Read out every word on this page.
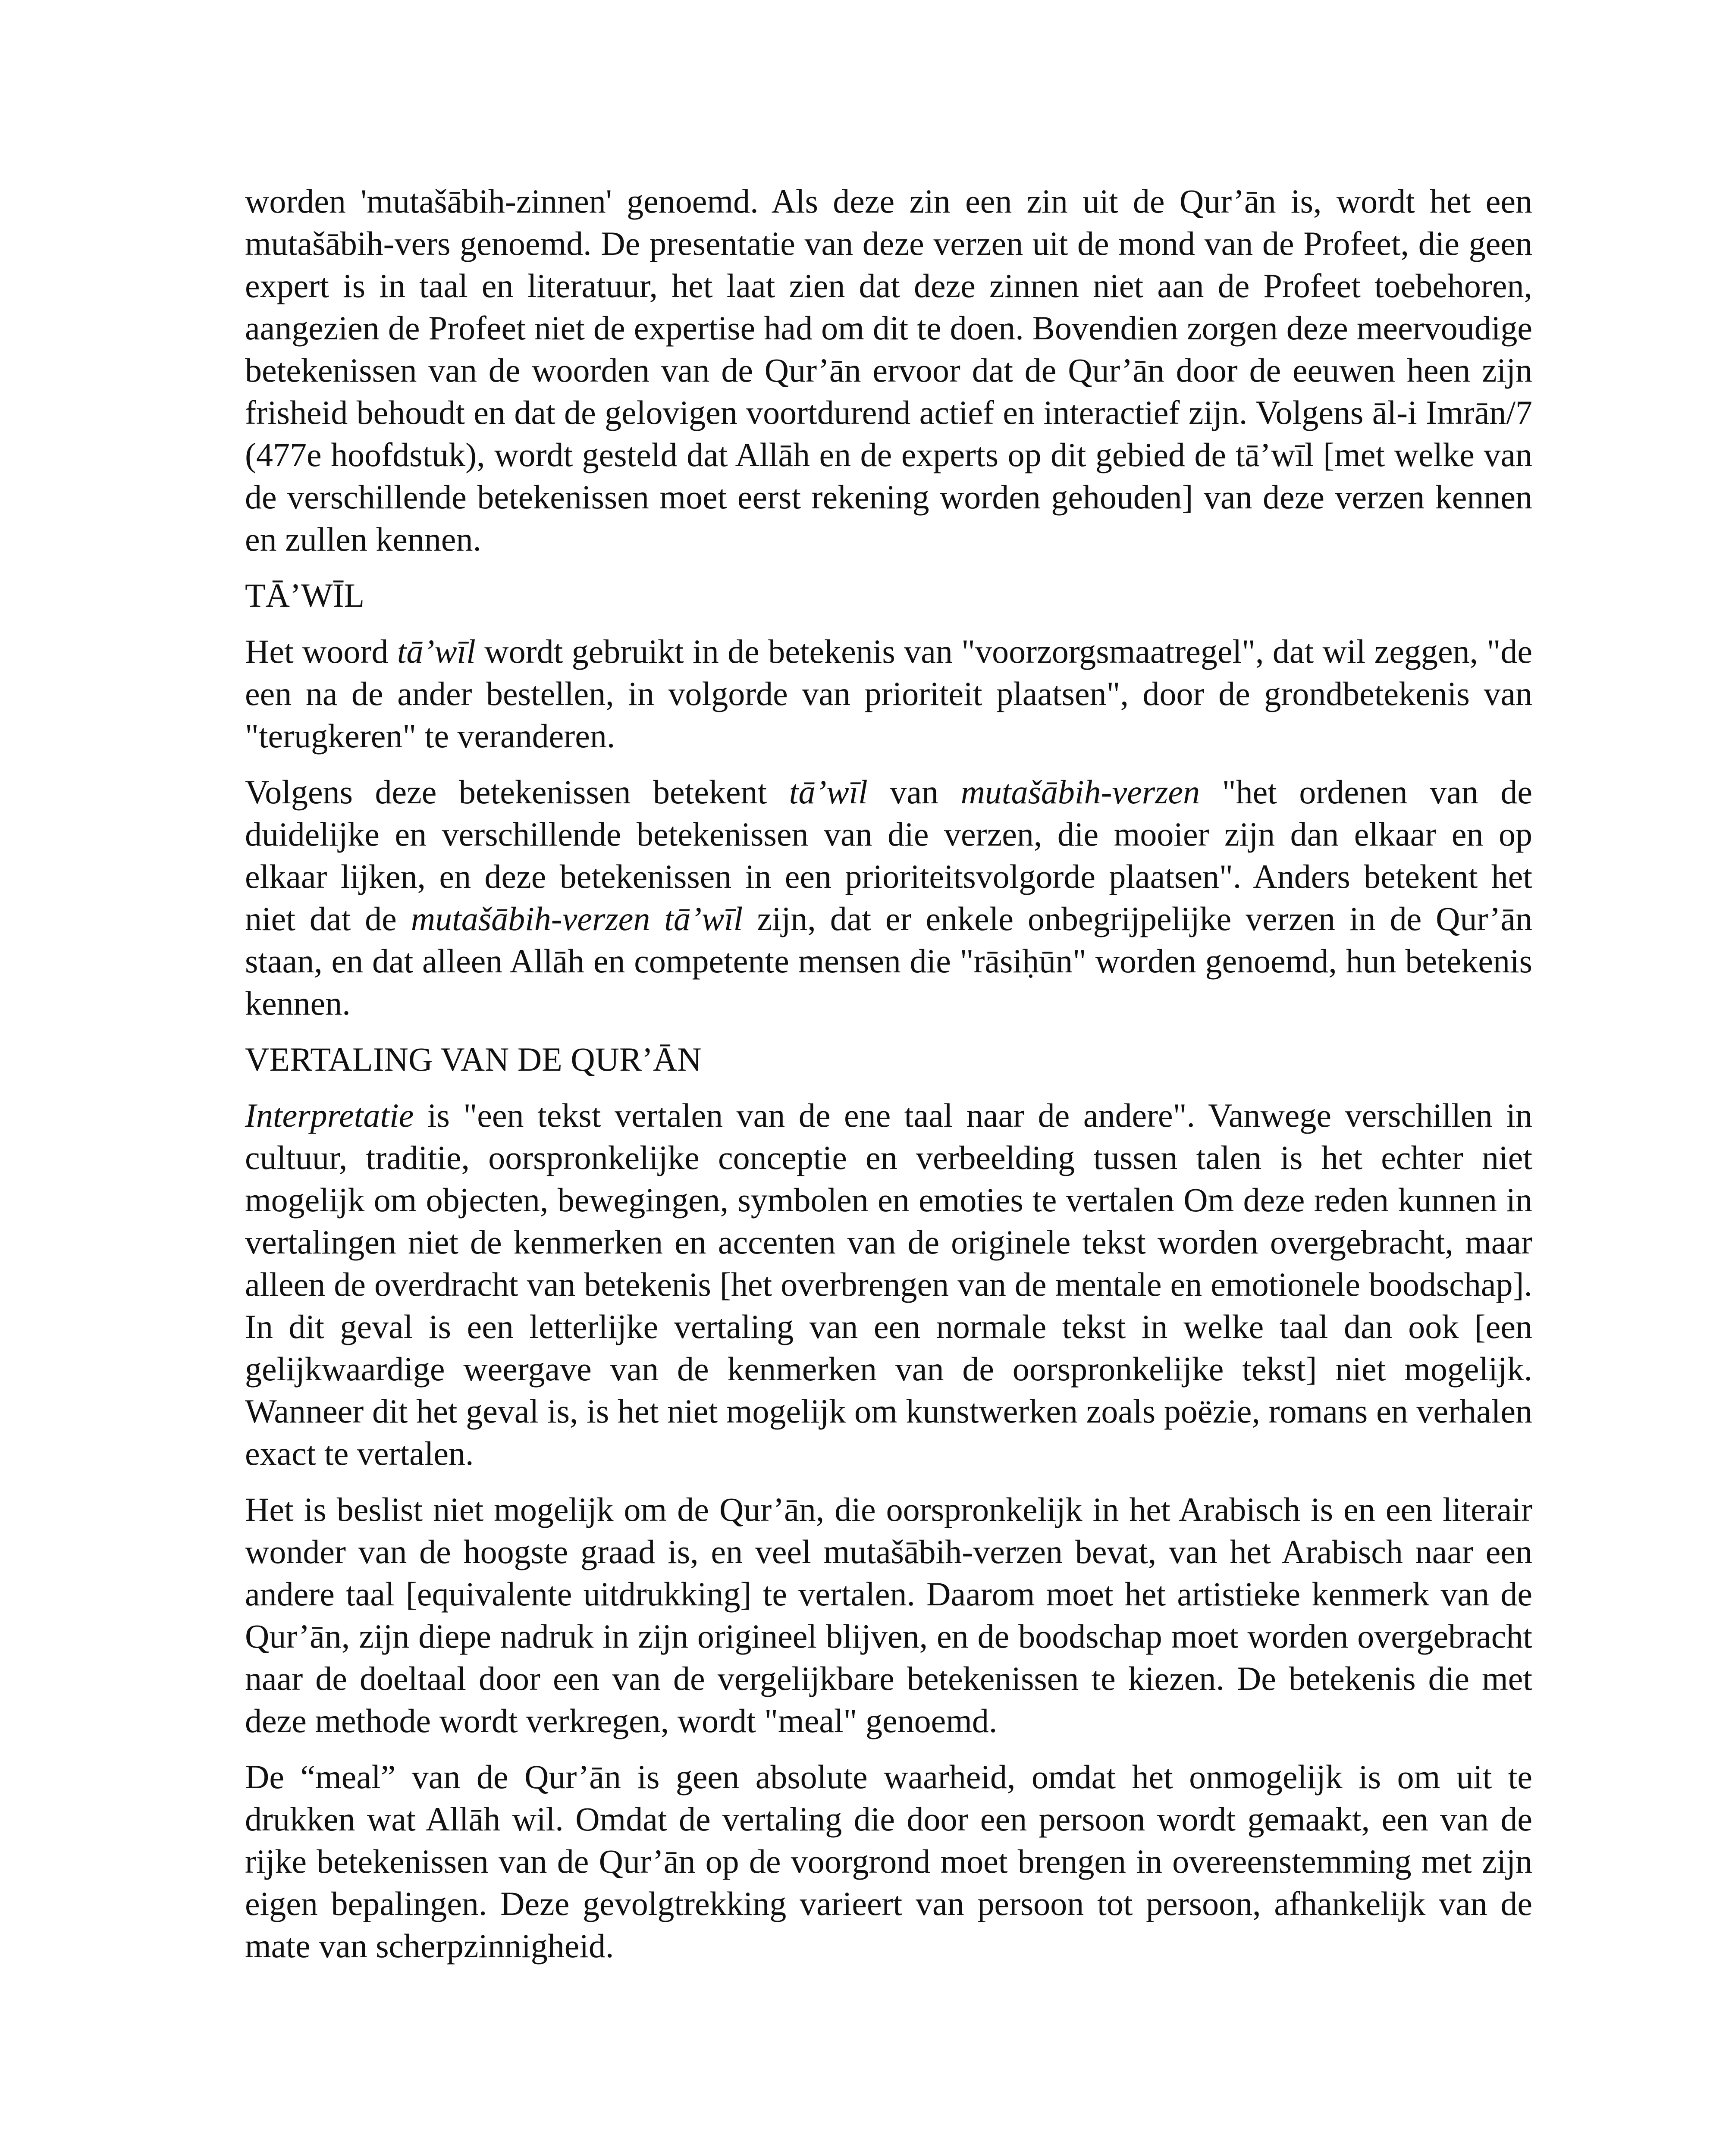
worden 'mutašābih-zinnen' genoemd. Als deze zin een zin uit de Qur’ān is, wordt het een mutašābih-vers genoemd. De presentatie van deze verzen uit de mond van de Profeet, die geen expert is in taal en literatuur, het laat zien dat deze zinnen niet aan de Profeet toebehoren, aangezien de Profeet niet de expertise had om dit te doen. Bovendien zorgen deze meervoudige betekenissen van de woorden van de Qur’ān ervoor dat de Qur’ān door de eeuwen heen zijn frisheid behoudt en dat de gelovigen voortdurend actief en interactief zijn. Volgens āl-i Imrān/7 (477e hoofdstuk), wordt gesteld dat Allāh en de experts op dit gebied de tā’wīl [met welke van de verschillende betekenissen moet eerst rekening worden gehouden] van deze verzen kennen en zullen kennen.

TĀ’WĪL

Het woord tā’wīl wordt gebruikt in de betekenis van "voorzorgsmaatregel", dat wil zeggen, "de een na de ander bestellen, in volgorde van prioriteit plaatsen", door de grondbetekenis van "terugkeren" te veranderen.

Volgens deze betekenissen betekent tā’wīl van mutašābih-verzen "het ordenen van de duidelijke en verschillende betekenissen van die verzen, die mooier zijn dan elkaar en op elkaar lijken, en deze betekenissen in een prioriteitsvolgorde plaatsen". Anders betekent het niet dat de mutašābih-verzen tā’wīl zijn, dat er enkele onbegrijpelijke verzen in de Qur’ān staan, en dat alleen Allāh en competente mensen die "rāsiḥūn" worden genoemd, hun betekenis kennen.

VERTALING VAN DE QUR’ĀN

Interpretatie is "een tekst vertalen van de ene taal naar de andere". Vanwege verschillen in cultuur, traditie, oorspronkelijke conceptie en verbeelding tussen talen is het echter niet mogelijk om objecten, bewegingen, symbolen en emoties te vertalen Om deze reden kunnen in vertalingen niet de kenmerken en accenten van de originele tekst worden overgebracht, maar alleen de overdracht van betekenis [het overbrengen van de mentale en emotionele boodschap]. In dit geval is een letterlijke vertaling van een normale tekst in welke taal dan ook [een gelijkwaardige weergave van de kenmerken van de oorspronkelijke tekst] niet mogelijk. Wanneer dit het geval is, is het niet mogelijk om kunstwerken zoals poëzie, romans en verhalen exact te vertalen.

Het is beslist niet mogelijk om de Qur’ān, die oorspronkelijk in het Arabisch is en een literair wonder van de hoogste graad is, en veel mutašābih-verzen bevat, van het Arabisch naar een andere taal [equivalente uitdrukking] te vertalen. Daarom moet het artistieke kenmerk van de Qur’ān, zijn diepe nadruk in zijn origineel blijven, en de boodschap moet worden overgebracht naar de doeltaal door een van de vergelijkbare betekenissen te kiezen. De betekenis die met deze methode wordt verkregen, wordt "meal" genoemd.

De “meal” van de Qur’ān is geen absolute waarheid, omdat het onmogelijk is om uit te drukken wat Allāh wil. Omdat de vertaling die door een persoon wordt gemaakt, een van de rijke betekenissen van de Qur’ān op de voorgrond moet brengen in overeenstemming met zijn eigen bepalingen. Deze gevolgtrekking varieert van persoon tot persoon, afhankelijk van de mate van scherpzinnigheid.
